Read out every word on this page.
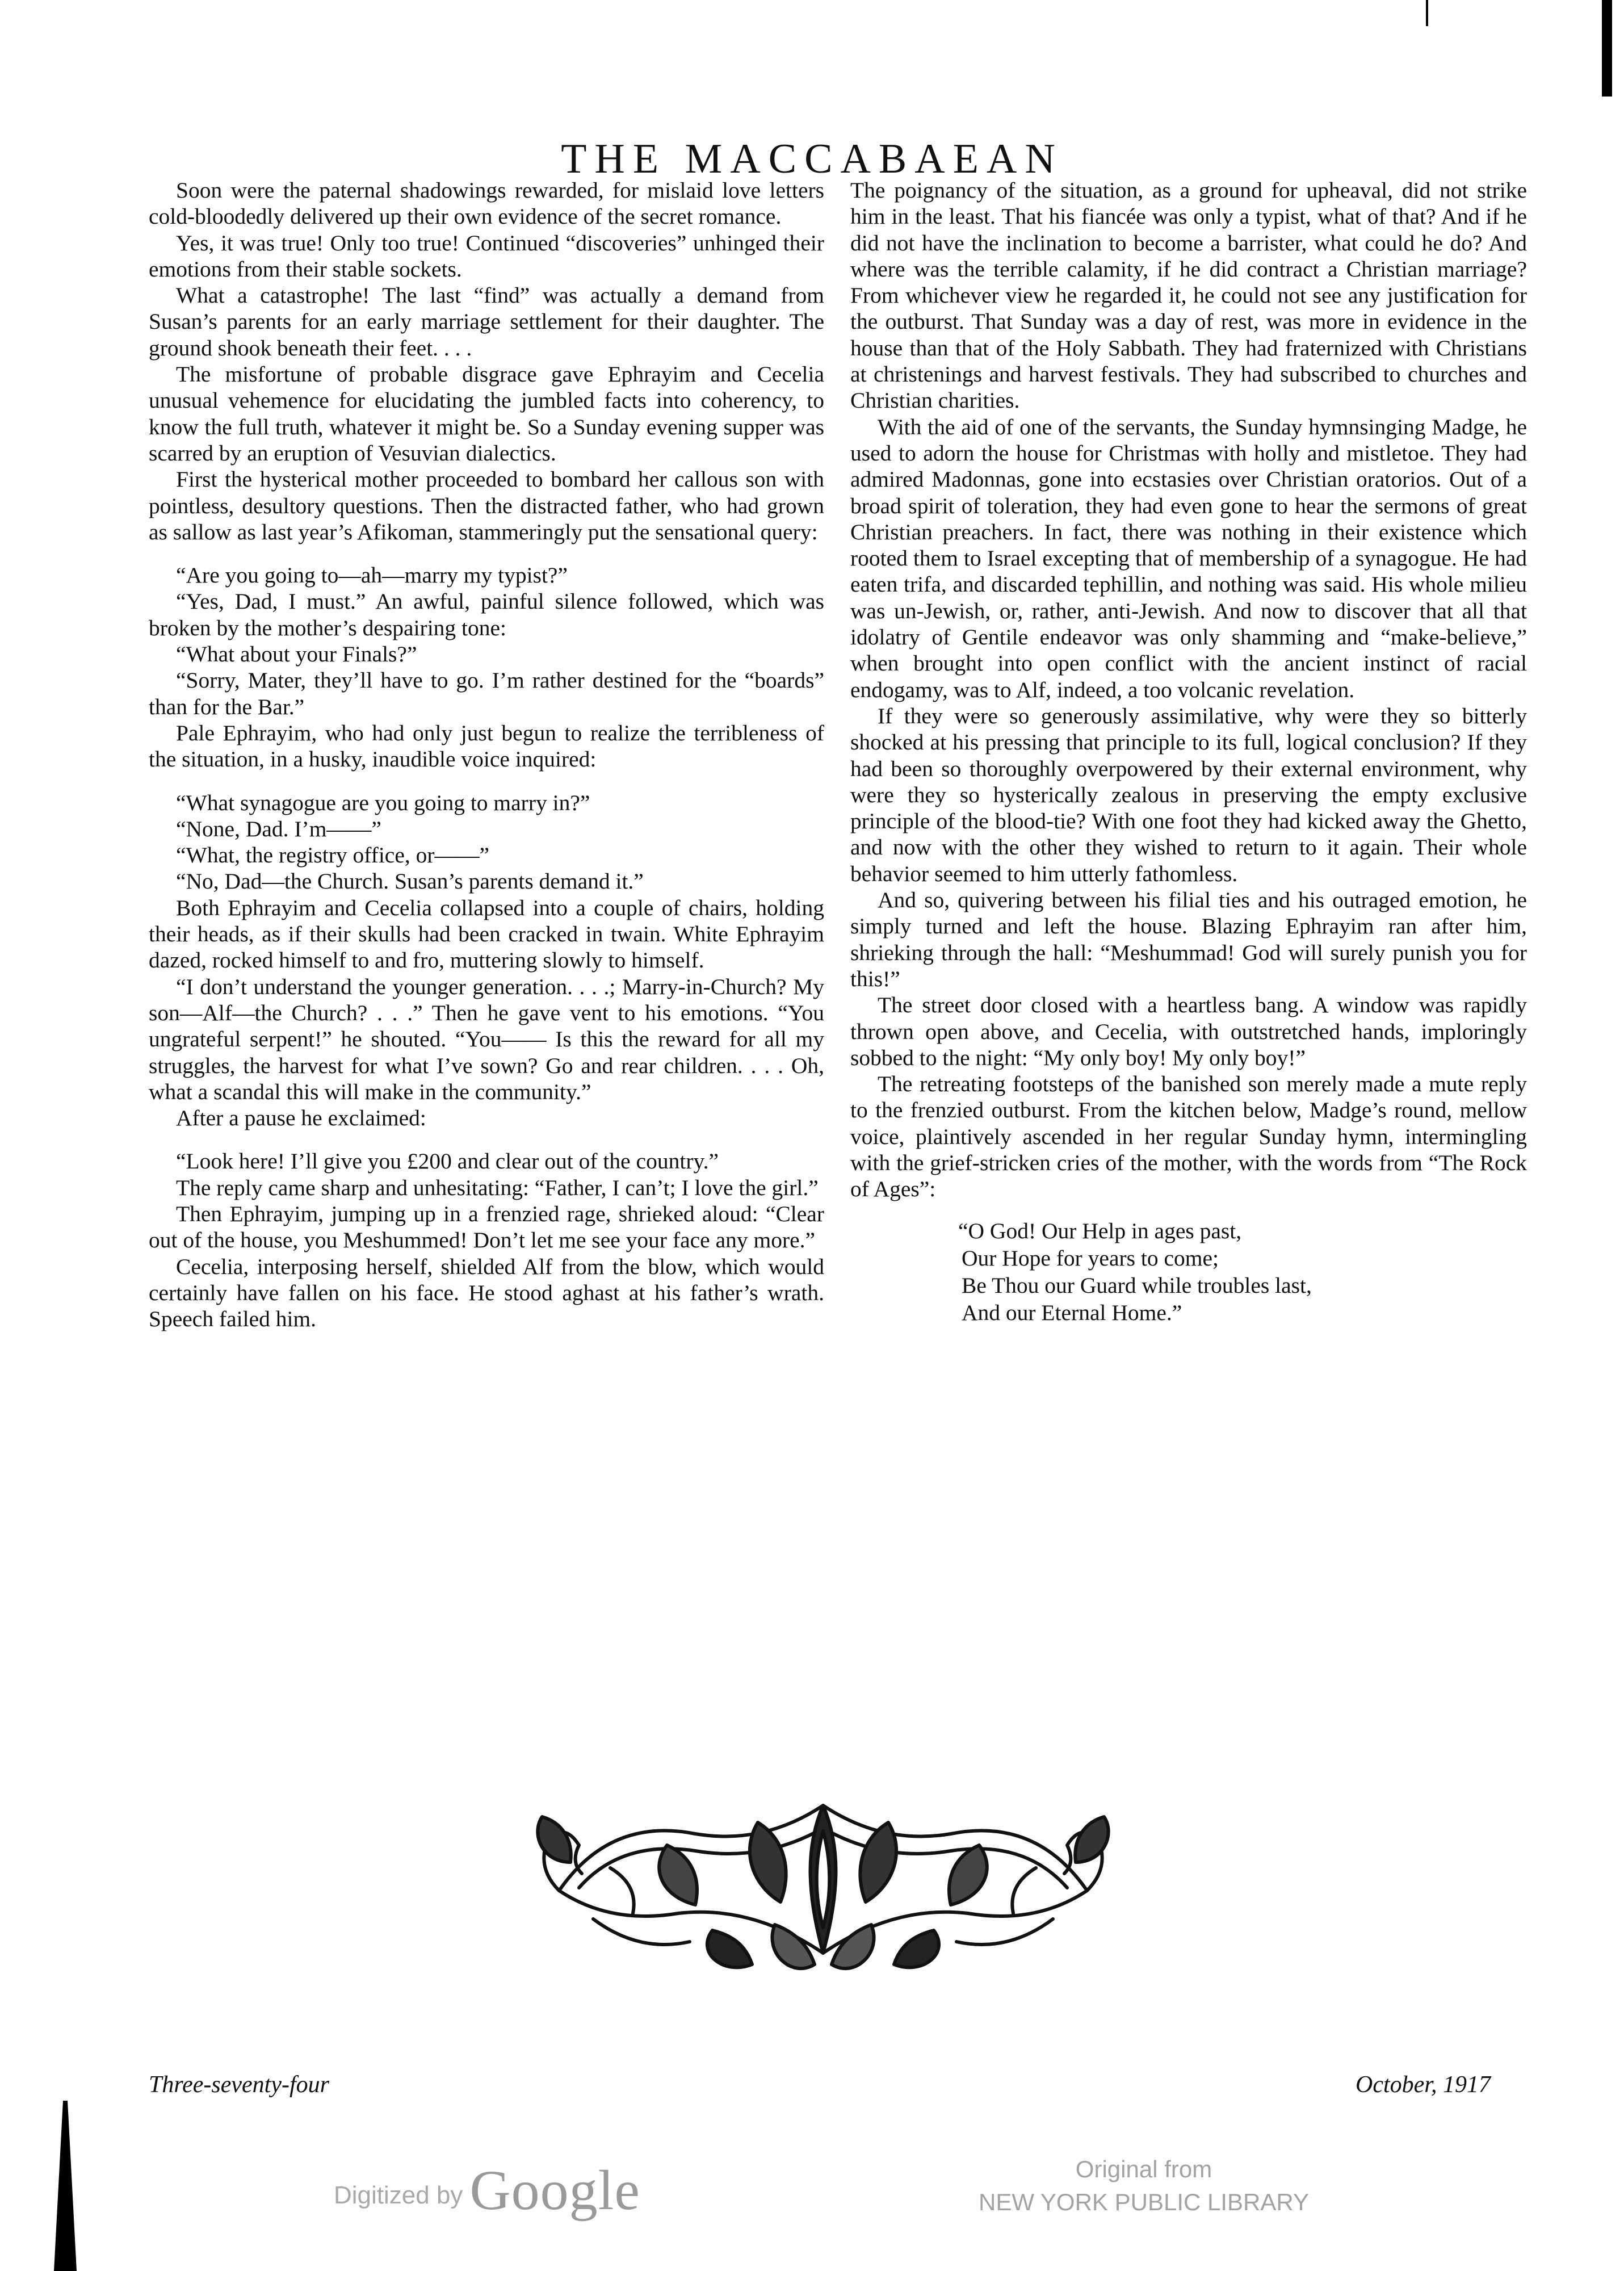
THE MACCABAEAN

Soon were the paternal shadowings rewarded, for mislaid love letters cold-bloodedly delivered up their own evidence of the secret romance.

Yes, it was true! Only too true! Continued “discoveries” unhinged their emotions from their stable sockets.

What a catastrophe! The last “find” was actually a demand from Susan’s parents for an early marriage settlement for their daughter. The ground shook beneath their feet. . . .

The misfortune of probable disgrace gave Ephrayim and Cecelia unusual vehemence for elucidating the jumbled facts into coherency, to know the full truth, whatever it might be. So a Sunday evening supper was scarred by an eruption of Vesuvian dialectics.

First the hysterical mother proceeded to bombard her callous son with pointless, desultory questions. Then the distracted father, who had grown as sallow as last year’s Afikoman, stammeringly put the sensational query:

“Are you going to—ah—marry my typist?”

“Yes, Dad, I must.” An awful, painful silence followed, which was broken by the mother’s despairing tone:

“What about your Finals?”

“Sorry, Mater, they’ll have to go. I’m rather destined for the “boards” than for the Bar.”

Pale Ephrayim, who had only just begun to realize the terribleness of the situation, in a husky, inaudible voice inquired:

“What synagogue are you going to marry in?”

“None, Dad. I’m——”

“What, the registry office, or——”

“No, Dad—the Church. Susan’s parents demand it.”

Both Ephrayim and Cecelia collapsed into a couple of chairs, holding their heads, as if their skulls had been cracked in twain. White Ephrayim dazed, rocked himself to and fro, muttering slowly to himself.

“I don’t understand the younger generation. . . .; Marry-in-Church? My son—Alf—the Church? . . .” Then he gave vent to his emotions. “You ungrateful serpent!” he shouted. “You—— Is this the reward for all my struggles, the harvest for what I’ve sown? Go and rear children. . . . Oh, what a scandal this will make in the community.”

After a pause he exclaimed:

“Look here! I’ll give you £200 and clear out of the country.”

The reply came sharp and unhesitating: “Father, I can’t; I love the girl.”

Then Ephrayim, jumping up in a frenzied rage, shrieked aloud: “Clear out of the house, you Meshummed! Don’t let me see your face any more.”

Cecelia, interposing herself, shielded Alf from the blow, which would certainly have fallen on his face. He stood aghast at his father’s wrath. Speech failed him.

The poignancy of the situation, as a ground for upheaval, did not strike him in the least. That his fiancée was only a typist, what of that? And if he did not have the inclination to become a barrister, what could he do? And where was the terrible calamity, if he did contract a Christian marriage? From whichever view he regarded it, he could not see any justification for the outburst. That Sunday was a day of rest, was more in evidence in the house than that of the Holy Sabbath. They had fraternized with Christians at christenings and harvest festivals. They had subscribed to churches and Christian charities.

With the aid of one of the servants, the Sunday hymnsinging Madge, he used to adorn the house for Christmas with holly and mistletoe. They had admired Madonnas, gone into ecstasies over Christian oratorios. Out of a broad spirit of toleration, they had even gone to hear the sermons of great Christian preachers. In fact, there was nothing in their existence which rooted them to Israel excepting that of membership of a synagogue. He had eaten trifa, and discarded tephillin, and nothing was said. His whole milieu was un-Jewish, or, rather, anti-Jewish. And now to discover that all that idolatry of Gentile endeavor was only shamming and “make-believe,” when brought into open conflict with the ancient instinct of racial endogamy, was to Alf, indeed, a too volcanic revelation.

If they were so generously assimilative, why were they so bitterly shocked at his pressing that principle to its full, logical conclusion? If they had been so thoroughly overpowered by their external environment, why were they so hysterically zealous in preserving the empty exclusive principle of the blood-tie? With one foot they had kicked away the Ghetto, and now with the other they wished to return to it again. Their whole behavior seemed to him utterly fathomless.

And so, quivering between his filial ties and his outraged emotion, he simply turned and left the house. Blazing Ephrayim ran after him, shrieking through the hall: “Meshummad! God will surely punish you for this!”

The street door closed with a heartless bang. A window was rapidly thrown open above, and Cecelia, with outstretched hands, imploringly sobbed to the night: “My only boy! My only boy!”

The retreating footsteps of the banished son merely made a mute reply to the frenzied outburst. From the kitchen below, Madge’s round, mellow voice, plaintively ascended in her regular Sunday hymn, intermingling with the grief-stricken cries of the mother, with the words from “The Rock of Ages”:

“O God! Our Help in ages past,
Our Hope for years to come;
Be Thou our Guard while troubles last,
And our Eternal Home.”
Three-seventy-four	October, 1917
Digitized by Google	Original from
NEW YORK PUBLIC LIBRARY
